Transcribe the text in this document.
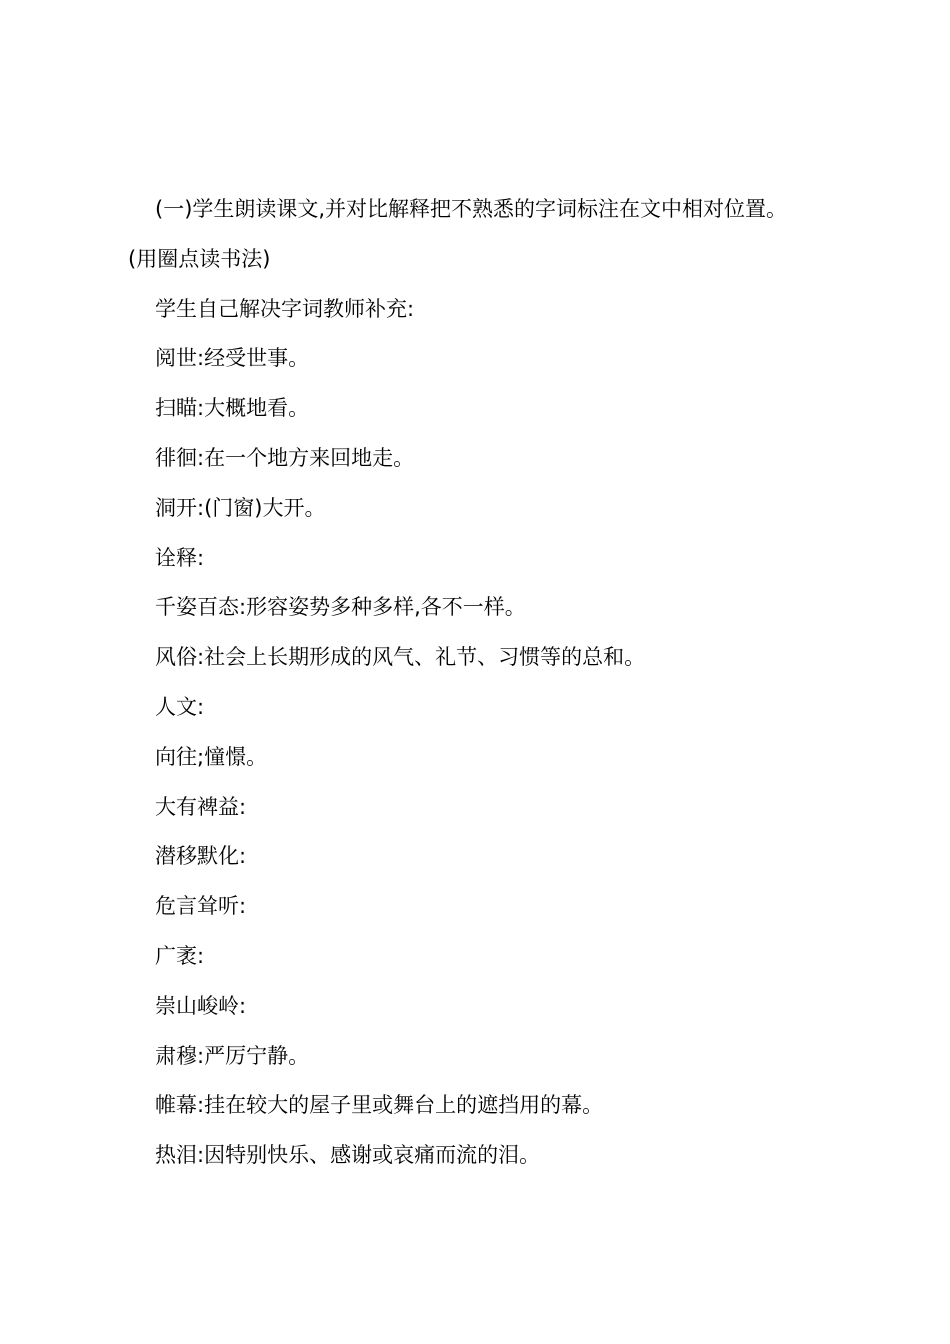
(一)学生朗读课文,并对比解释把不熟悉的字词标注在文中相对位置。
(用圈点读书法)
学生自己解决字词教师补充:
阅世:经受世事。
扫瞄:大概地看。
徘徊:在一个地方来回地走。
洞开:(门窗)大开。
诠释:
千姿百态:形容姿势多种多样,各不一样。
风俗:社会上长期形成的风气、礼节、习惯等的总和。
人文:
向往;憧憬。
大有裨益:
潜移默化:
危言耸听:
广袤:
崇山峻岭:
肃穆:严厉宁静。
帷幕:挂在较大的屋子里或舞台上的遮挡用的幕。
热泪:因特别快乐、感谢或哀痛而流的泪。
